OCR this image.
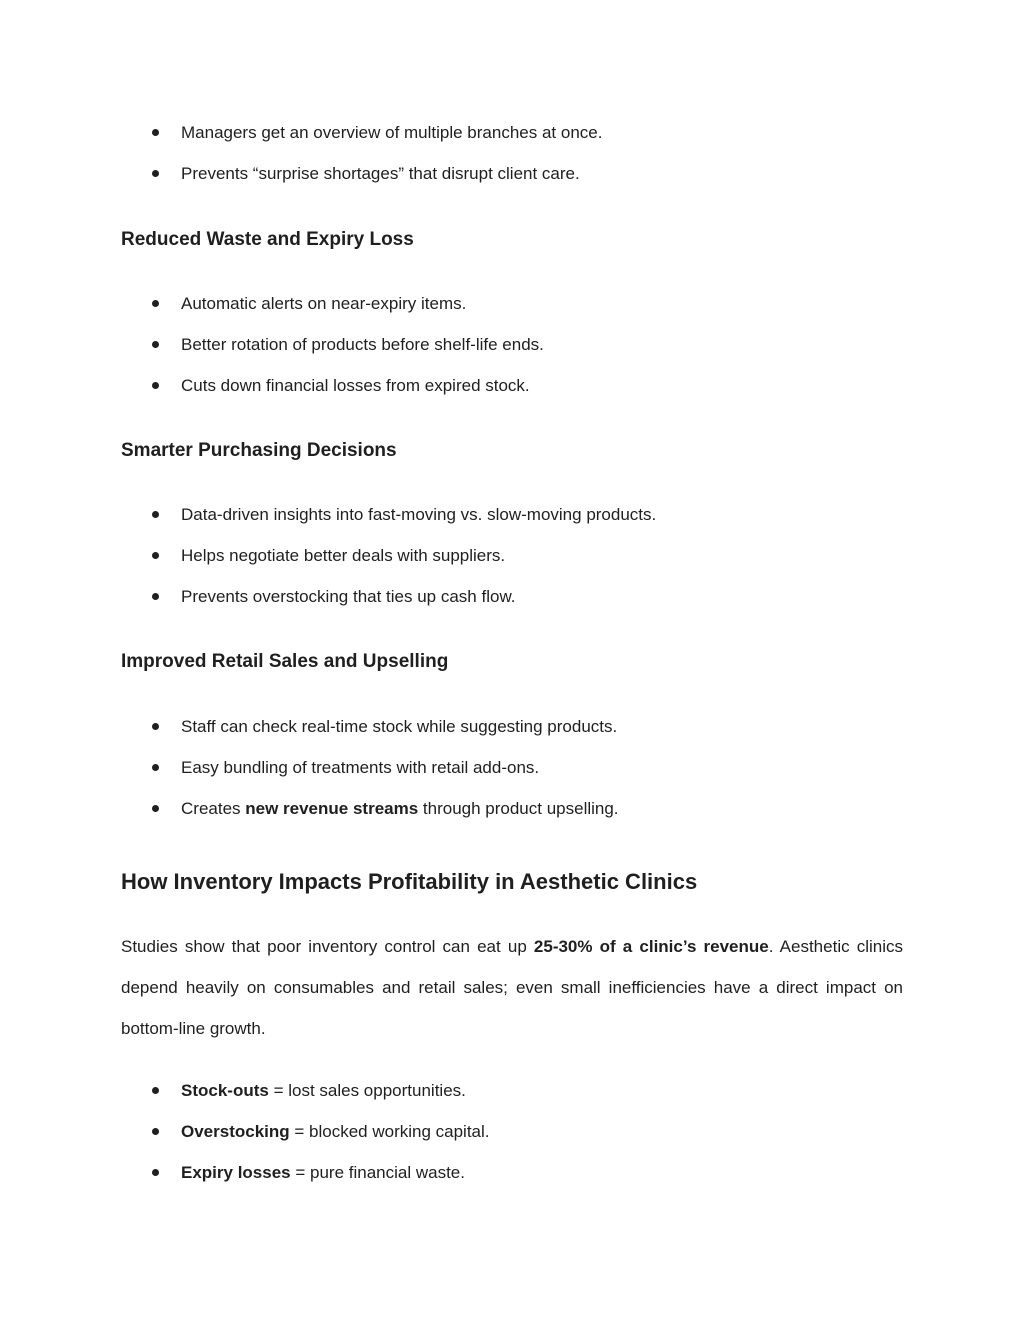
Managers get an overview of multiple branches at once.
Prevents “surprise shortages” that disrupt client care.
Reduced Waste and Expiry Loss
Automatic alerts on near-expiry items.
Better rotation of products before shelf-life ends.
Cuts down financial losses from expired stock.
Smarter Purchasing Decisions
Data-driven insights into fast-moving vs. slow-moving products.
Helps negotiate better deals with suppliers.
Prevents overstocking that ties up cash flow.
Improved Retail Sales and Upselling
Staff can check real-time stock while suggesting products.
Easy bundling of treatments with retail add-ons.
Creates new revenue streams through product upselling.
How Inventory Impacts Profitability in Aesthetic Clinics

Studies show that poor inventory control can eat up 25-30% of a clinic’s revenue. Aesthetic clinics depend heavily on consumables and retail sales; even small inefficiencies have a direct impact on bottom-line growth.

Stock-outs = lost sales opportunities.
Overstocking = blocked working capital.
Expiry losses = pure financial waste.
